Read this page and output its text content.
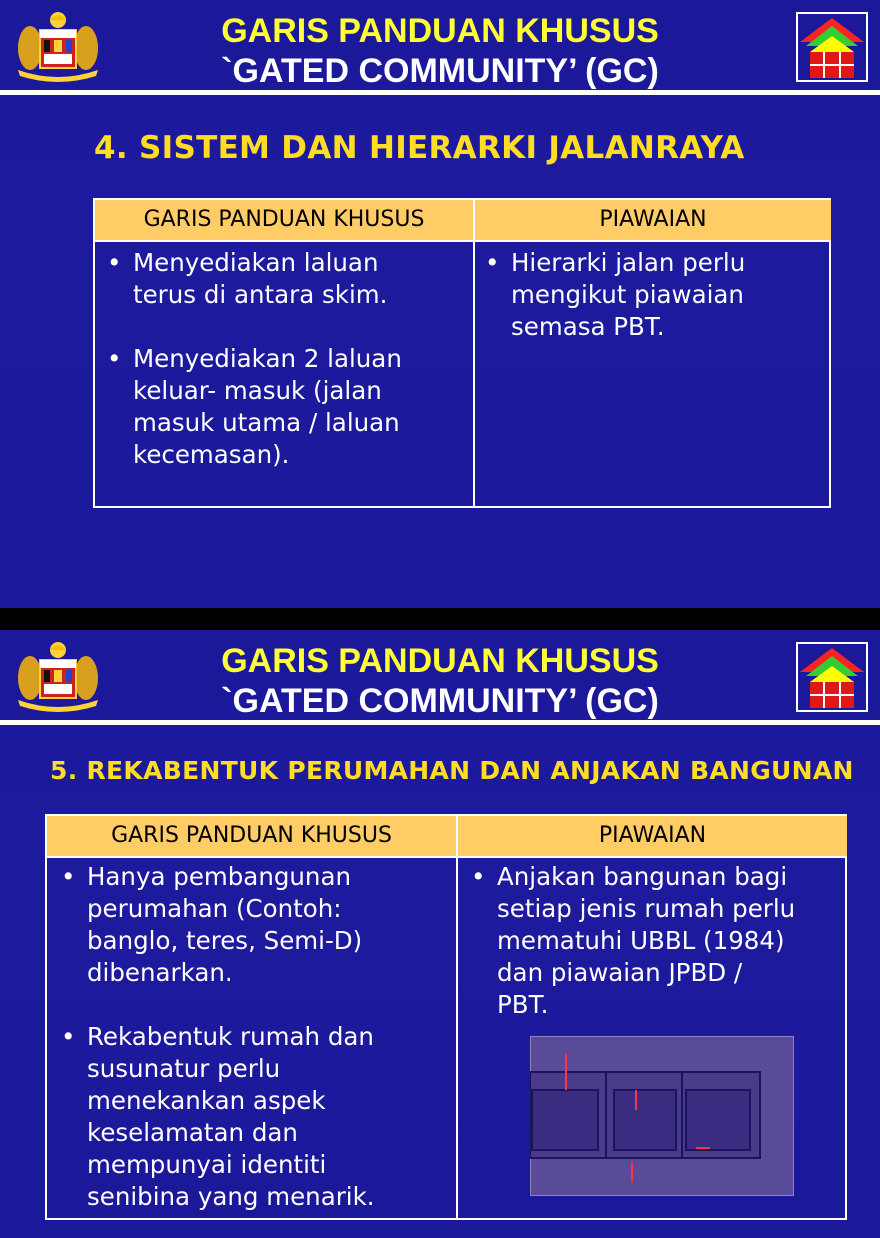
GARIS PANDUAN KHUSUS
`GATED COMMUNITY’ (GC)
4. SISTEM DAN HIERARKI JALANRAYA
GARIS PANDUAN KHUSUS	PIAWAIAN
• Menyediakan laluan
terus di antara skim.
• Menyediakan 2 laluan
keluar- masuk (jalan
masuk utama / laluan
kecemasan).
• Hierarki jalan perlu
mengikut piawaian
semasa PBT.
GARIS PANDUAN KHUSUS
`GATED COMMUNITY’ (GC)
5. REKABENTUK PERUMAHAN DAN ANJAKAN BANGUNAN
GARIS PANDUAN KHUSUS	PIAWAIAN
• Hanya pembangunan
perumahan (Contoh:
banglo, teres, Semi-D)
dibenarkan.
• Rekabentuk rumah dan
susunatur perlu
menekankan aspek
keselamatan dan
mempunyai identiti
senibina yang menarik.
• Anjakan bangunan bagi
setiap jenis rumah perlu
mematuhi UBBL (1984)
dan piawaian JPBD /
PBT.
